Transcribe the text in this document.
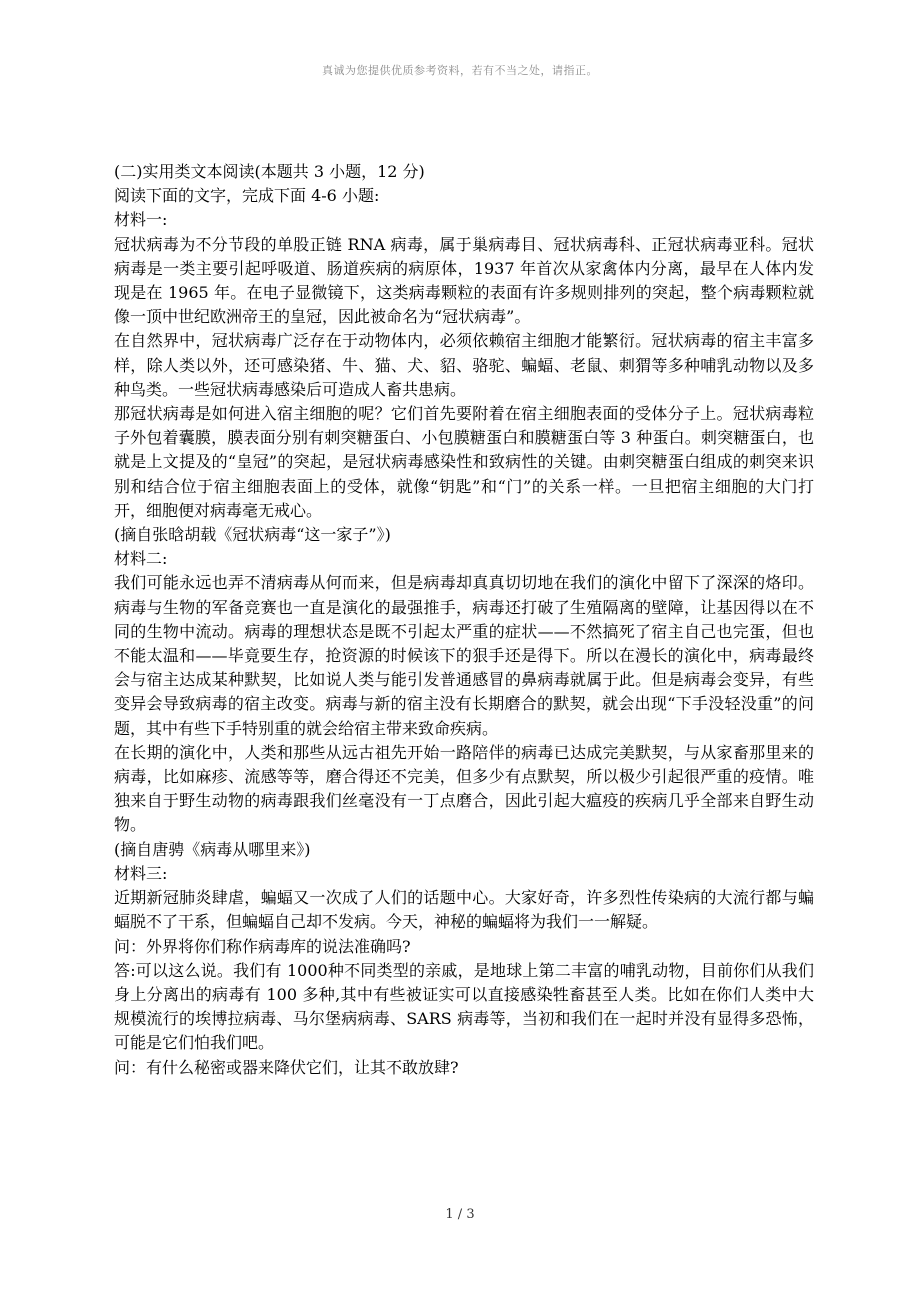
真诚为您提供优质参考资料，若有不当之处，请指正。

(二)实用类文本阅读(本题共 3 小题，12 分)

阅读下面的文字，完成下面 4-6 小题:

材料一:

冠状病毒为不分节段的单股正链 RNA 病毒，属于巢病毒目、冠状病毒科、正冠状病毒亚科。冠状病毒是一类主要引起呼吸道、肠道疾病的病原体，1937 年首次从家禽体内分离，最早在人体内发现是在 1965 年。在电子显微镜下，这类病毒颗粒的表面有许多规则排列的突起，整个病毒颗粒就像一顶中世纪欧洲帝王的皇冠，因此被命名为“冠状病毒”。

在自然界中，冠状病毒广泛存在于动物体内，必须依赖宿主细胞才能繁衍。冠状病毒的宿主丰富多样，除人类以外，还可感染猪、牛、猫、犬、貂、骆驼、蝙蝠、老鼠、刺猬等多种哺乳动物以及多种鸟类。一些冠状病毒感染后可造成人畜共患病。

那冠状病毒是如何进入宿主细胞的呢？它们首先要附着在宿主细胞表面的受体分子上。冠状病毒粒子外包着囊膜，膜表面分别有刺突糖蛋白、小包膜糖蛋白和膜糖蛋白等 3 种蛋白。刺突糖蛋白，也就是上文提及的“皇冠”的突起，是冠状病毒感染性和致病性的关键。由刺突糖蛋白组成的刺突来识别和结合位于宿主细胞表面上的受体，就像“钥匙”和“门”的关系一样。一旦把宿主细胞的大门打开，细胞便对病毒毫无戒心。

(摘自张晗胡载《冠状病毒“这一家子”》)

材料二:

我们可能永远也弄不清病毒从何而来，但是病毒却真真切切地在我们的演化中留下了深深的烙印。病毒与生物的军备竞赛也一直是演化的最强推手，病毒还打破了生殖隔离的壁障，让基因得以在不同的生物中流动。病毒的理想状态是既不引起太严重的症状——不然搞死了宿主自己也完蛋，但也不能太温和——毕竟要生存，抢资源的时候该下的狠手还是得下。所以在漫长的演化中，病毒最终会与宿主达成某种默契，比如说人类与能引发普通感冒的鼻病毒就属于此。但是病毒会变异，有些变异会导致病毒的宿主改变。病毒与新的宿主没有长期磨合的默契，就会出现“下手没轻没重”的问题，其中有些下手特别重的就会给宿主带来致命疾病。

在长期的演化中，人类和那些从远古祖先开始一路陪伴的病毒已达成完美默契，与从家畜那里来的病毒，比如麻疹、流感等等，磨合得还不完美，但多少有点默契，所以极少引起很严重的疫情。唯独来自于野生动物的病毒跟我们丝毫没有一丁点磨合，因此引起大瘟疫的疾病几乎全部来自野生动物。

(摘自唐骋《病毒从哪里来》)

材料三:

近期新冠肺炎肆虐，蝙蝠又一次成了人们的话题中心。大家好奇，许多烈性传染病的大流行都与蝙蝠脱不了干系，但蝙蝠自己却不发病。今天，神秘的蝙蝠将为我们一一解疑。

问：外界将你们称作病毒库的说法准确吗?

答:可以这么说。我们有 1000种不同类型的亲戚，是地球上第二丰富的哺乳动物，目前你们从我们身上分离出的病毒有 100 多种,其中有些被证实可以直接感染牲畜甚至人类。比如在你们人类中大规模流行的埃博拉病毒、马尔堡病病毒、SARS 病毒等，当初和我们在一起时并没有显得多恐怖，可能是它们怕我们吧。

问：有什么秘密或器来降伏它们，让其不敢放肆?

1 / 3
